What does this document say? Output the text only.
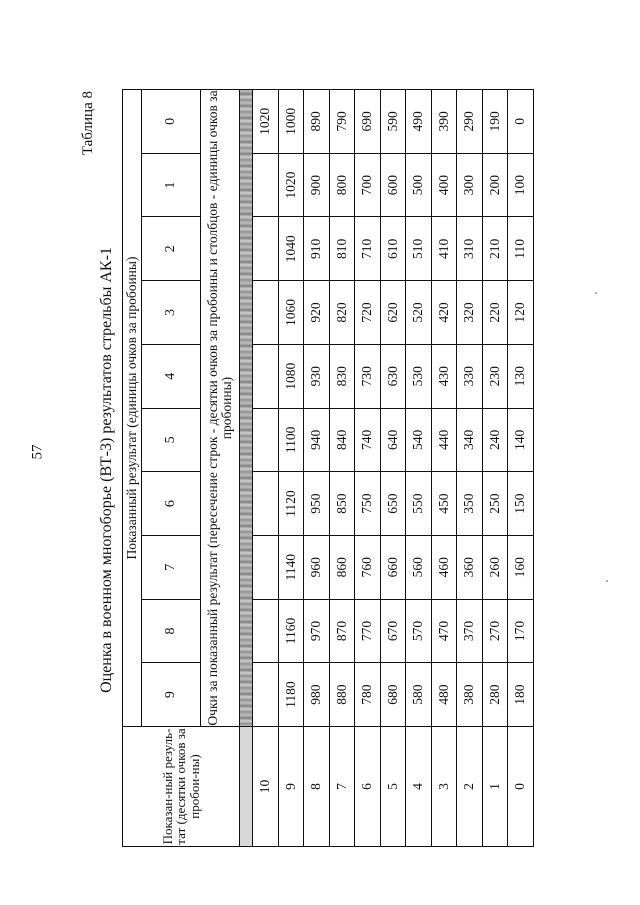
57
Таблица 8
Оценка в военном многоборье (ВТ-3) результатов стрельбы АК-1
Показан-ный резуль-тат (десятки очков за пробои-ны)	Показанный результат (единицы очков за пробоины)									
	9	8	7	6	5	4	3	2	1	0
	Очки за показанный результат (пересечение строк - десятки очков за пробоины и столбцов - единицы очков за пробоины)									

10										1020
9	1180	1160	1140	1120	1100	1080	1060	1040	1020	1000
8	980	970	960	950	940	930	920	910	900	890
7	880	870	860	850	840	830	820	810	800	790
6	780	770	760	750	740	730	720	710	700	690
5	680	670	660	650	640	630	620	610	600	590
4	580	570	560	550	540	530	520	510	500	490
3	480	470	460	450	440	430	420	410	400	390
2	380	370	360	350	340	330	320	310	300	290
1	280	270	260	250	240	230	220	210	200	190
0	180	170	160	150	140	130	120	110	100	0
